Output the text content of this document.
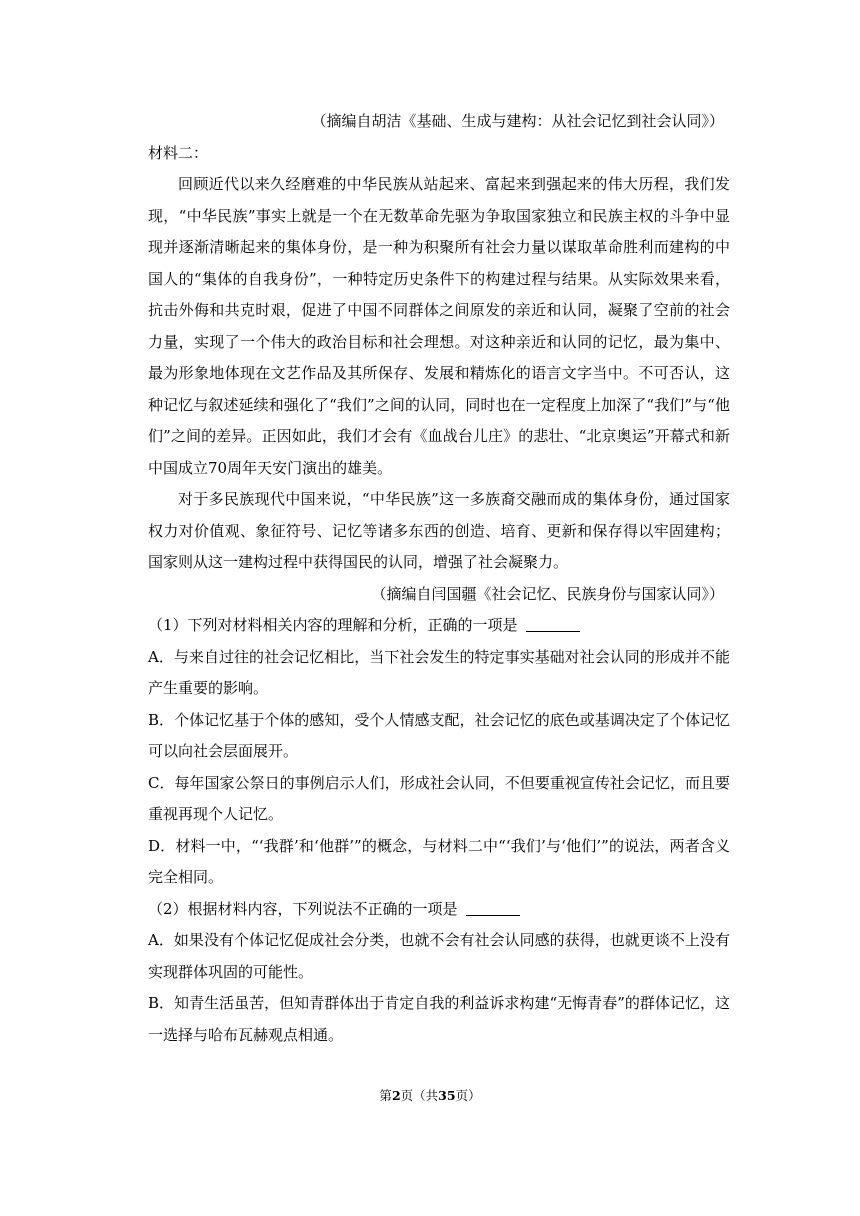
（摘编自胡洁《基础、生成与建构：从社会记忆到社会认同》）

材料二：

回顾近代以来久经磨难的中华民族从站起来、富起来到强起来的伟大历程，我们发现，“中华民族”事实上就是一个在无数革命先驱为争取国家独立和民族主权的斗争中显现并逐渐清晰起来的集体身份，是一种为积聚所有社会力量以谋取革命胜利而建构的中国人的“集体的自我身份”，一种特定历史条件下的构建过程与结果。从实际效果来看，抗击外侮和共克时艰，促进了中国不同群体之间原发的亲近和认同，凝聚了空前的社会力量，实现了一个伟大的政治目标和社会理想。对这种亲近和认同的记忆，最为集中、最为形象地体现在文艺作品及其所保存、发展和精炼化的语言文字当中。不可否认，这种记忆与叙述延续和强化了“我们”之间的认同，同时也在一定程度上加深了“我们”与“他们”之间的差异。正因如此，我们才会有《血战台儿庄》的悲壮、“北京奥运”开幕式和新中国成立70周年天安门演出的雄美。

对于多民族现代中国来说，“中华民族”这一多族裔交融而成的集体身份，通过国家权力对价值观、象征符号、记忆等诸多东西的创造、培育、更新和保存得以牢固建构；国家则从这一建构过程中获得国民的认同，增强了社会凝聚力。

（摘编自闫国疆《社会记忆、民族身份与国家认同》）

（1）下列对材料相关内容的理解和分析，正确的一项是

A．与来自过往的社会记忆相比，当下社会发生的特定事实基础对社会认同的形成并不能产生重要的影响。

B．个体记忆基于个体的感知，受个人情感支配，社会记忆的底色或基调决定了个体记忆可以向社会层面展开。

C．每年国家公祭日的事例启示人们，形成社会认同，不但要重视宣传社会记忆，而且要重视再现个人记忆。

D．材料一中，“‘我群’和‘他群’”的概念，与材料二中“‘我们’与‘他们’”的说法，两者含义完全相同。

（2）根据材料内容，下列说法不正确的一项是

A．如果没有个体记忆促成社会分类，也就不会有社会认同感的获得，也就更谈不上没有实现群体巩固的可能性。

B．知青生活虽苦，但知青群体出于肯定自我的利益诉求构建“无悔青春”的群体记忆，这一选择与哈布瓦赫观点相通。

第2页（共35页）
